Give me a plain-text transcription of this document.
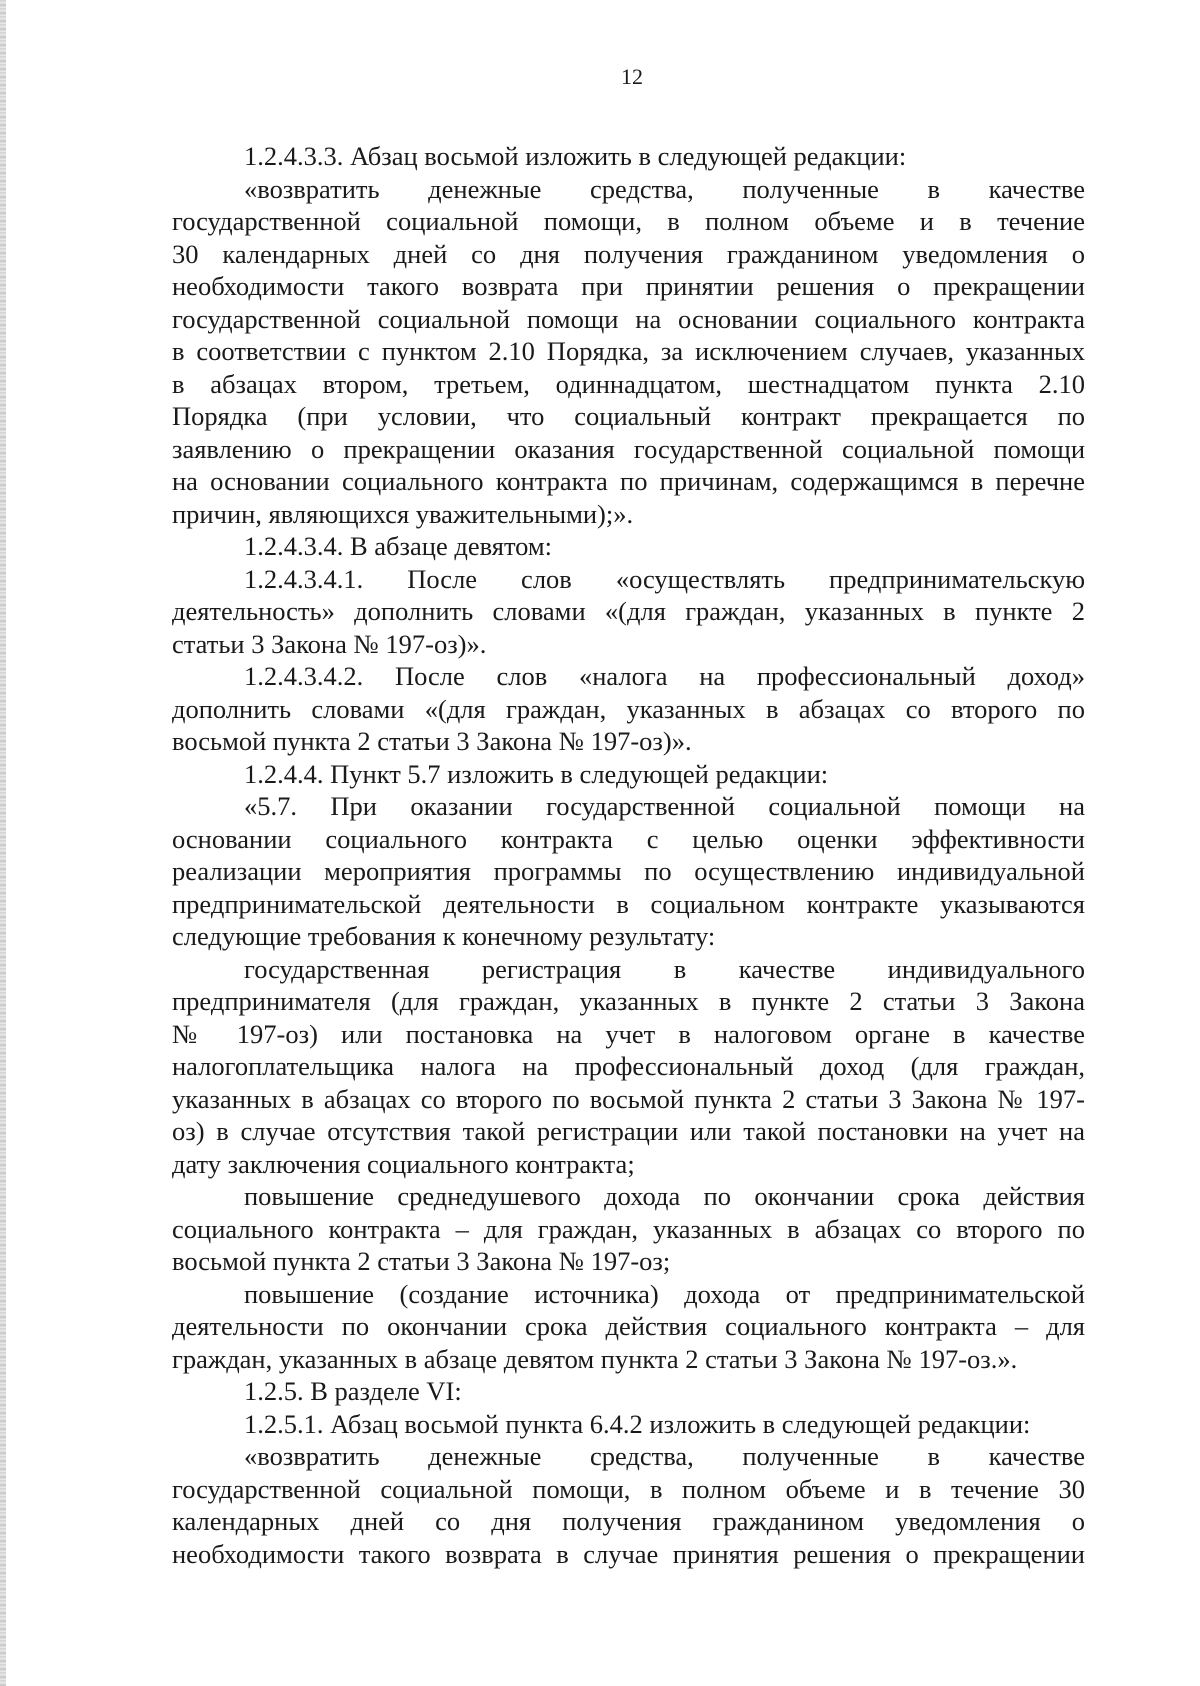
12

1.2.4.3.3. Абзац восьмой изложить в следующей редакции:

«возвратить денежные средства, полученные в качестве
государственной социальной помощи, в полном объеме и в течение
30 календарных дней со дня получения гражданином уведомления о
необходимости такого возврата при принятии решения о прекращении
государственной социальной помощи на основании социального контракта
в соответствии с пунктом 2.10 Порядка, за исключением случаев, указанных
в абзацах втором, третьем, одиннадцатом, шестнадцатом пункта 2.10
Порядка (при условии, что социальный контракт прекращается по
заявлению о прекращении оказания государственной социальной помощи
на основании социального контракта по причинам, содержащимся в перечне
причин, являющихся уважительными);».

1.2.4.3.4. В абзаце девятом:

1.2.4.3.4.1. После слов «осуществлять предпринимательскую
деятельность» дополнить словами «(для граждан, указанных в пункте 2
статьи 3 Закона № 197-оз)».
1.2.4.3.4.2. После слов «налога на профессиональный доход»
дополнить словами «(для граждан, указанных в абзацах со второго по
восьмой пункта 2 статьи 3 Закона № 197-оз)».

1.2.4.4. Пункт 5.7 изложить в следующей редакции:

«5.7. При оказании государственной социальной помощи на
основании социального контракта с целью оценки эффективности
реализации мероприятия программы по осуществлению индивидуальной
предпринимательской деятельности в социальном контракте указываются
следующие требования к конечному результату:
государственная регистрация в качестве индивидуального
предпринимателя (для граждан, указанных в пункте 2 статьи 3 Закона
№ 197-оз) или постановка на учет в налоговом органе в качестве
налогоплательщика налога на профессиональный доход (для граждан,
указанных в абзацах со второго по восьмой пункта 2 статьи 3 Закона № 197-
оз) в случае отсутствия такой регистрации или такой постановки на учет на
дату заключения социального контракта;
повышение среднедушевого дохода по окончании срока действия
социального контракта – для граждан, указанных в абзацах со второго по
восьмой пункта 2 статьи 3 Закона № 197-оз;
повышение (создание источника) дохода от предпринимательской
деятельности по окончании срока действия социального контракта – для
граждан, указанных в абзаце девятом пункта 2 статьи 3 Закона № 197-оз.».

1.2.5. В разделе VI:

1.2.5.1. Абзац восьмой пункта 6.4.2 изложить в следующей редакции:

«возвратить денежные средства, полученные в качестве
государственной социальной помощи, в полном объеме и в течение 30
календарных дней со дня получения гражданином уведомления о
необходимости такого возврата в случае принятия решения о прекращении
